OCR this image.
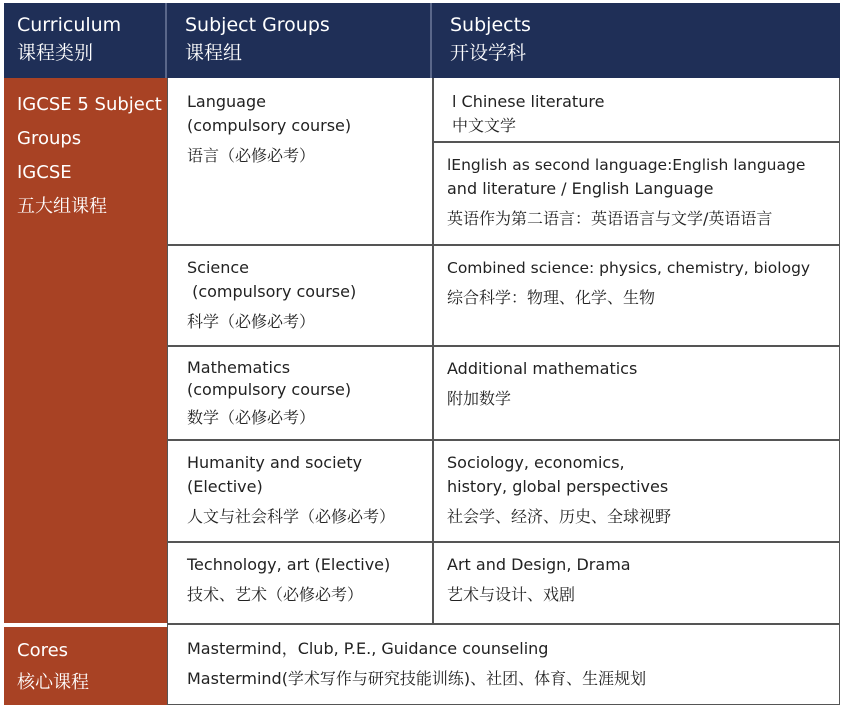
Curriculum
课程类别
Subject Groups
课程组
Subjects
开设学科
IGCSE 5 Subject
Groups
IGCSE
五大组课程
Cores
核心课程
Language
(compulsory course)
语言（必修必考）
l Chinese literature
中文文学
lEnglish as second language:English language
and literature / English Language
英语作为第二语言：英语语言与文学/英语语言
Science
(compulsory course)
科学（必修必考）
Combined science: physics, chemistry, biology
综合科学：物理、化学、生物
Mathematics
(compulsory course)
数学（必修必考）
Additional mathematics
附加数学
Humanity and society
(Elective)
人文与社会科学（必修必考）
Sociology, economics,
history, global perspectives
社会学、经济、历史、全球视野
Technology, art (Elective)
技术、艺术（必修必考）
Art and Design, Drama
艺术与设计、戏剧
Mastermind，Club, P.E., Guidance counseling
Mastermind(学术写作与研究技能训练)、社团、体育、生涯规划
